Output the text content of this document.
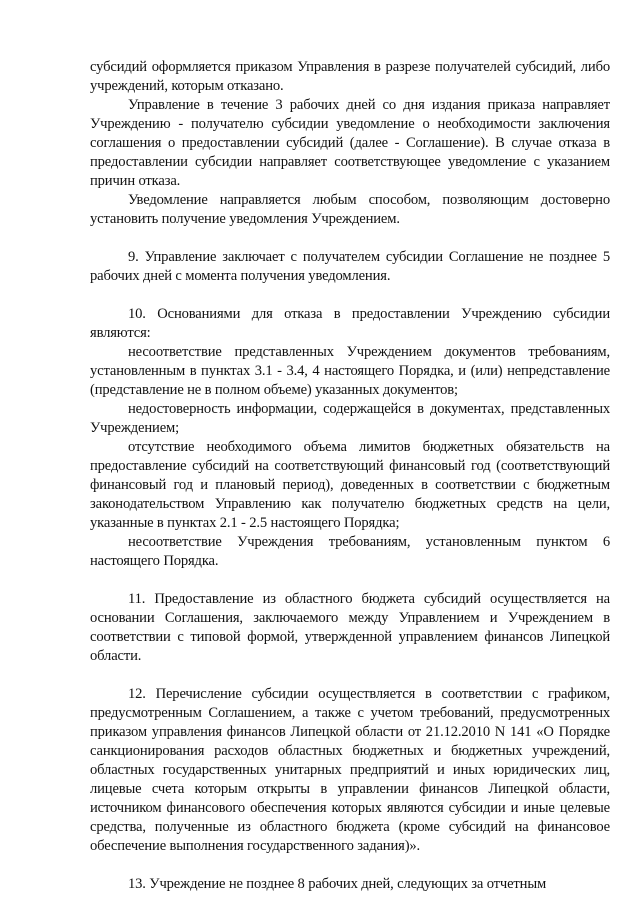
субсидий оформляется приказом Управления в разрезе получателей субсидий, либо учреждений, которым отказано.

Управление в течение 3 рабочих дней со дня издания приказа направляет Учреждению - получателю субсидии уведомление о необходимости заключения соглашения о предоставлении субсидий (далее - Соглашение). В случае отказа в предоставлении субсидии направляет соответствующее уведомление с указанием причин отказа.

Уведомление направляется любым способом, позволяющим достоверно установить получение уведомления Учреждением.

9. Управление заключает с получателем субсидии Соглашение не позднее 5 рабочих дней с момента получения уведомления.

10. Основаниями для отказа в предоставлении Учреждению субсидии являются:

несоответствие представленных Учреждением документов требованиям, установленным в пунктах 3.1 - 3.4, 4 настоящего Порядка, и (или) непредставление (представление не в полном объеме) указанных документов;

недостоверность информации, содержащейся в документах, представленных Учреждением;

отсутствие необходимого объема лимитов бюджетных обязательств на предоставление субсидий на соответствующий финансовый год (соответствующий финансовый год и плановый период), доведенных в соответствии с бюджетным законодательством Управлению как получателю бюджетных средств на цели, указанные в пунктах 2.1 - 2.5 настоящего Порядка;

несоответствие Учреждения требованиям, установленным пунктом 6 настоящего Порядка.

11. Предоставление из областного бюджета субсидий осуществляется на основании Соглашения, заключаемого между Управлением и Учреждением в соответствии с типовой формой, утвержденной управлением финансов Липецкой области.

12. Перечисление субсидии осуществляется в соответствии с графиком, предусмотренным Соглашением, а также с учетом требований, предусмотренных приказом управления финансов Липецкой области от 21.12.2010 N 141 «О Порядке санкционирования расходов областных бюджетных и бюджетных учреждений, областных государственных унитарных предприятий и иных юридических лиц, лицевые счета которым открыты в управлении финансов Липецкой области, источником финансового обеспечения которых являются субсидии и иные целевые средства, полученные из областного бюджета (кроме субсидий на финансовое обеспечение выполнения государственного задания)».

13. Учреждение не позднее 8 рабочих дней, следующих за отчетным
